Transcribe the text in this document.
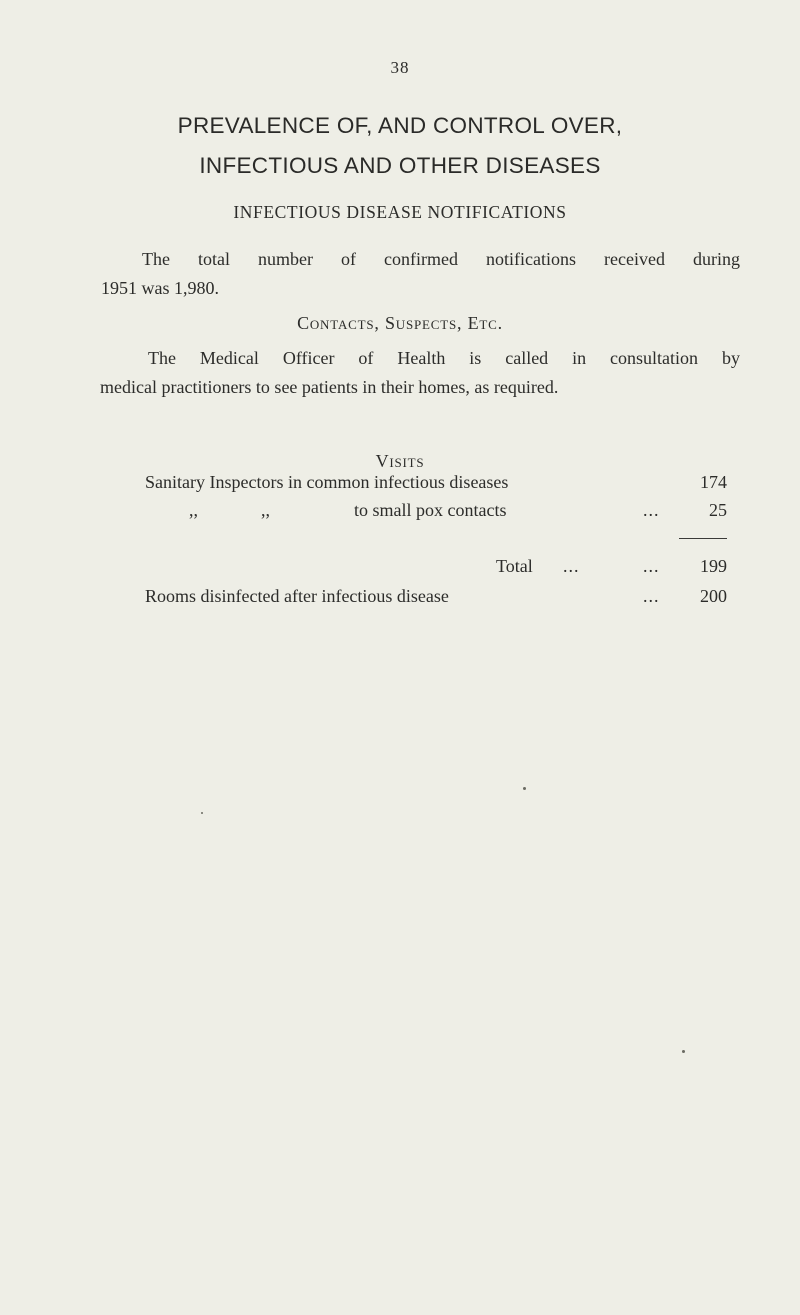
38
PREVALENCE OF, AND CONTROL OVER,
INFECTIOUS AND OTHER DISEASES
INFECTIOUS DISEASE NOTIFICATIONS
The total number of confirmed notifications received during
1951 was 1,980.
Contacts, Suspects, Etc.
The Medical Officer of Health is called in consultation by
medical practitioners to see patients in their homes, as required.
Visits
Sanitary Inspectors in common infectious diseases	174
,,	,,	to small pox contacts	...	25
Total ...	... 199
Rooms disinfected after infectious disease	... 200
